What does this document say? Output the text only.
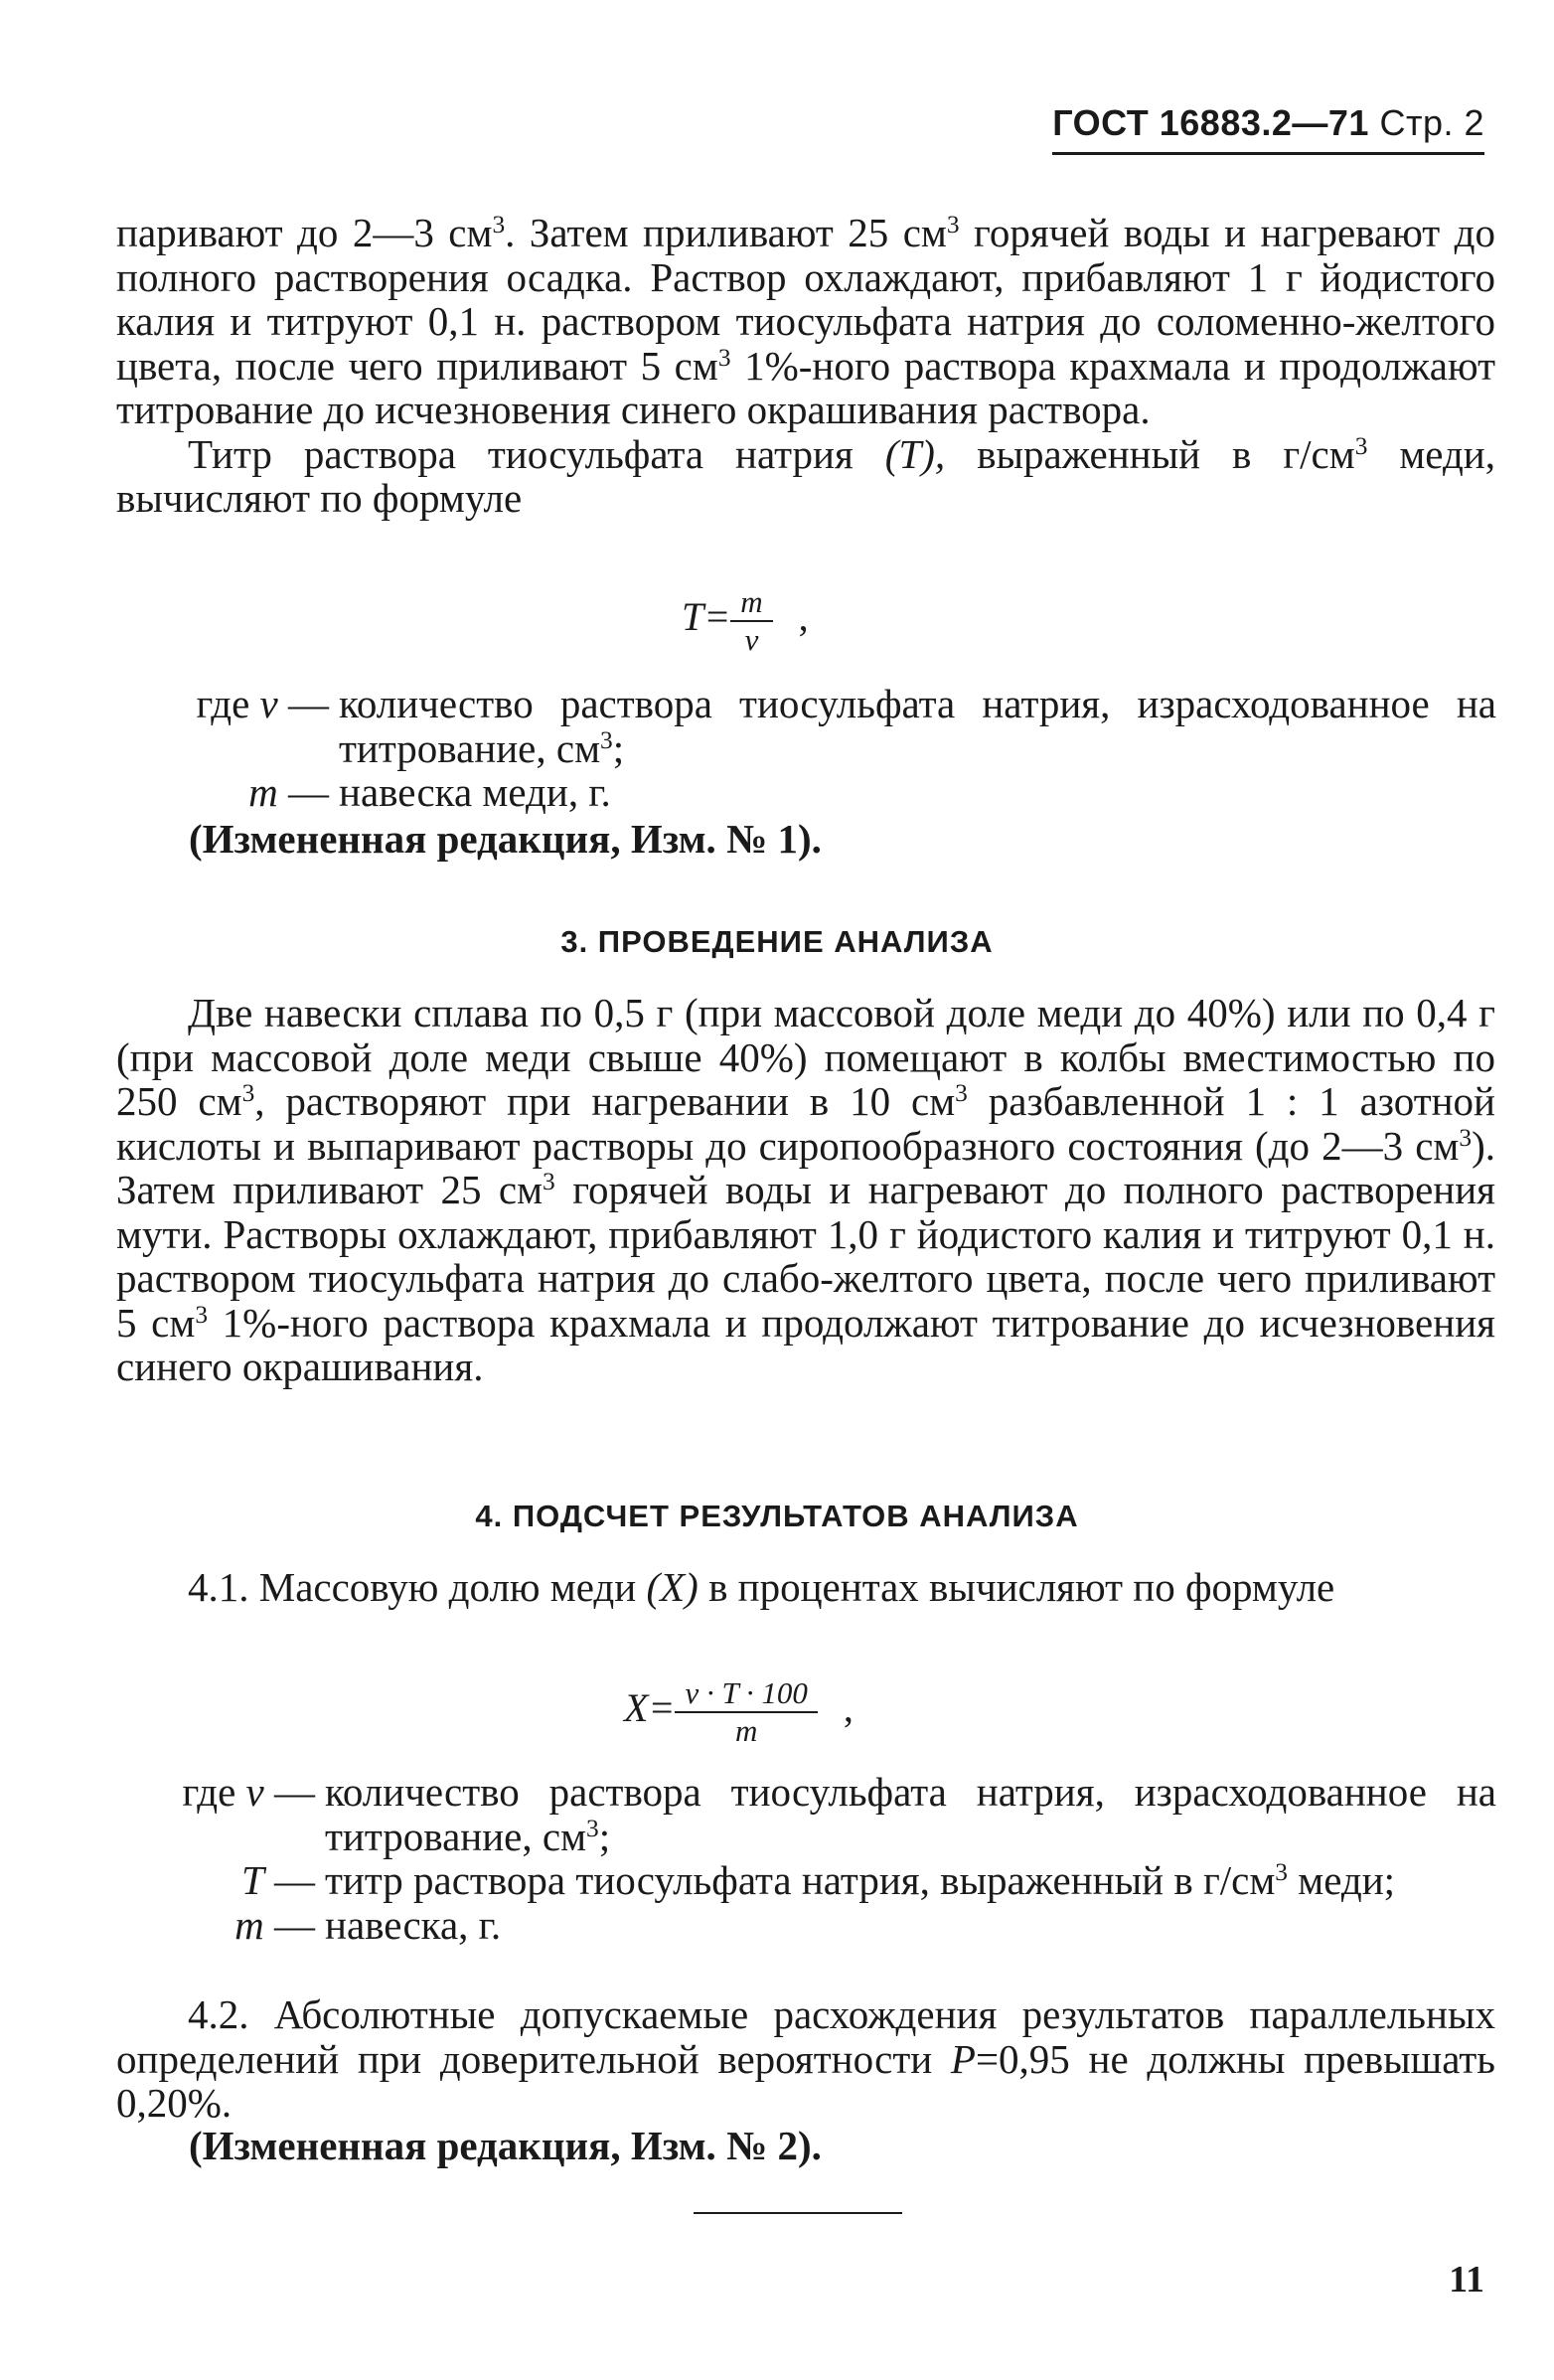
ГОСТ 16883.2—71 Стр. 2

паривают до 2—3 $см^3$. Затем приливают 25 $см^3$ горячей воды и нагревают до полного растворения осадка. Раствор охлаждают, прибавляют 1 г йодистого калия и титруют 0,1 н. раствором тиосульфата натрия до соломенно-желтого цвета, после чего приливают 5 $см^3$ 1%-ного раствора крахмала и продолжают титрование до исчезновения синего окрашивания раствора.

Титр раствора тиосульфата натрия (T), выраженный в $г/см^3$ меди, вычисляют по формуле

$T= \frac{m}{v}$ ,
где v — количество раствора тиосульфата натрия, израсходованное на титрование, $см^3$;
m — навеска меди, г.
(Измененная редакция, Изм. № 1).
3. ПРОВЕДЕНИЕ АНАЛИЗА

Две навески сплава по 0,5 г (при массовой доле меди до 40%) или по 0,4 г (при массовой доле меди свыше 40%) помещают в колбы вместимостью по 250 $см^3$, растворяют при нагревании в 10 $см^3$ разбавленной 1 : 1 азотной кислоты и выпаривают растворы до сиропообразного состояния (до 2—3 $см^3$). Затем приливают 25 $см^3$ горячей воды и нагревают до полного растворения мути. Растворы охлаждают, прибавляют 1,0 г йодистого калия и титруют 0,1 н. раствором тиосульфата натрия до слабо-желтого цвета, после чего приливают 5 $см^3$ 1%-ного раствора крахмала и продолжают титрование до исчезновения синего окрашивания.

4. ПОДСЧЕТ РЕЗУЛЬТАТОВ АНАЛИЗА

4.1. Массовую долю меди (X) в процентах вычисляют по формуле

$X= \frac{v \cdot T \cdot 100}{m}$ ,
где v — количество раствора тиосульфата натрия, израсходованное на титрование, $см^3$;
T — титр раствора тиосульфата натрия, выраженный в $г/см^3$ меди;
m — навеска, г.

4.2. Абсолютные допускаемые расхождения результатов параллельных определений при доверительной вероятности P=0,95 не должны превышать 0,20%.

(Измененная редакция, Изм. № 2).
11
